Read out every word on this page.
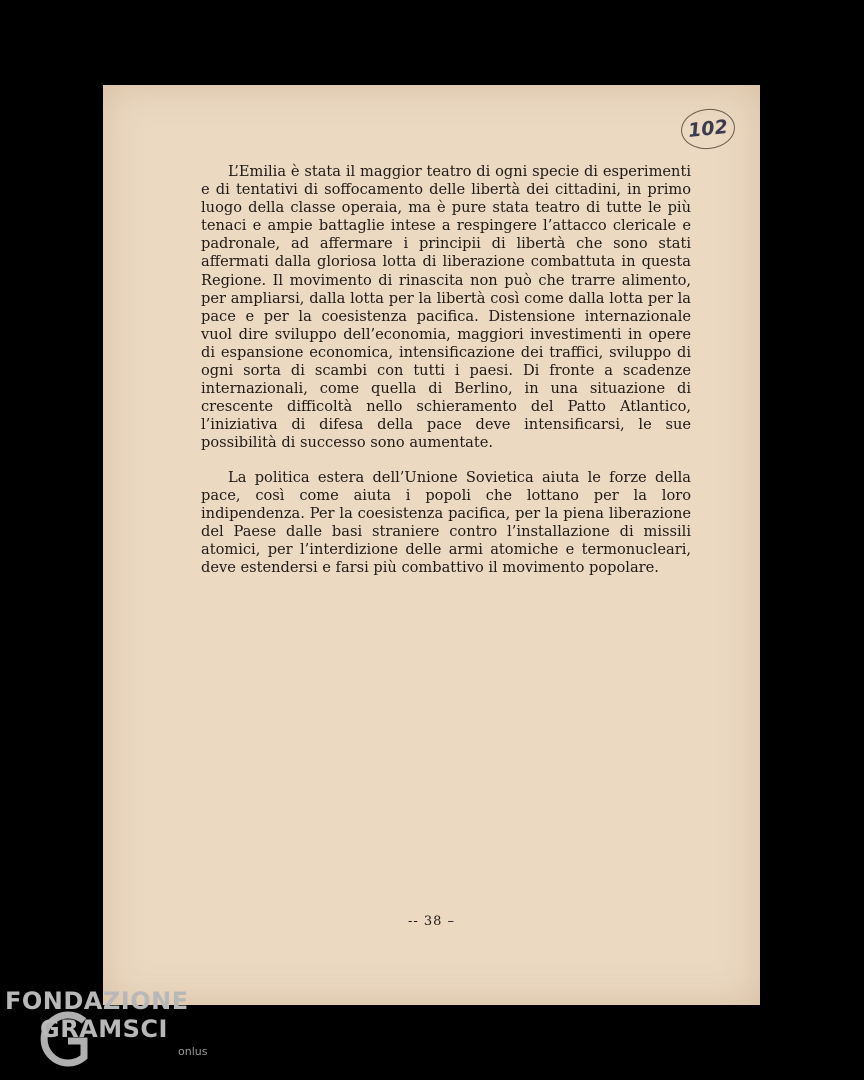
102

L’Emilia è stata il maggior teatro di ogni specie di esperimenti e di tentativi di soffocamento delle libertà dei cittadini, in primo luogo della classe operaia, ma è pure stata teatro di tutte le più tenaci e ampie battaglie intese a respingere l’attacco clericale e padronale, ad affermare i principii di libertà che sono stati affermati dalla gloriosa lotta di liberazione combattuta in questa Regione. Il movimento di rinascita non può che trarre alimento, per ampliarsi, dalla lotta per la libertà così come dalla lotta per la pace e per la coesistenza pacifica. Distensione internazionale vuol dire sviluppo dell’economia, maggiori investimenti in opere di espansione economica, intensificazione dei traffici, sviluppo di ogni sorta di scambi con tutti i paesi. Di fronte a scadenze internazionali, come quella di Berlino, in una situazione di crescente difficoltà nello schieramento del Patto Atlantico, l’iniziativa di difesa della pace deve intensificarsi, le sue possibilità di successo sono aumentate.

La politica estera dell’Unione Sovietica aiuta le forze della pace, così come aiuta i popoli che lottano per la loro indipendenza. Per la coesistenza pacifica, per la piena liberazione del Paese dalle basi straniere contro l’installazione di missili atomici, per l’interdizione delle armi atomiche e termonucleari, deve estendersi e farsi più combattivo il movimento popolare.

-- 38 –
FONDAZIONE
GRAMSCI
onlus
